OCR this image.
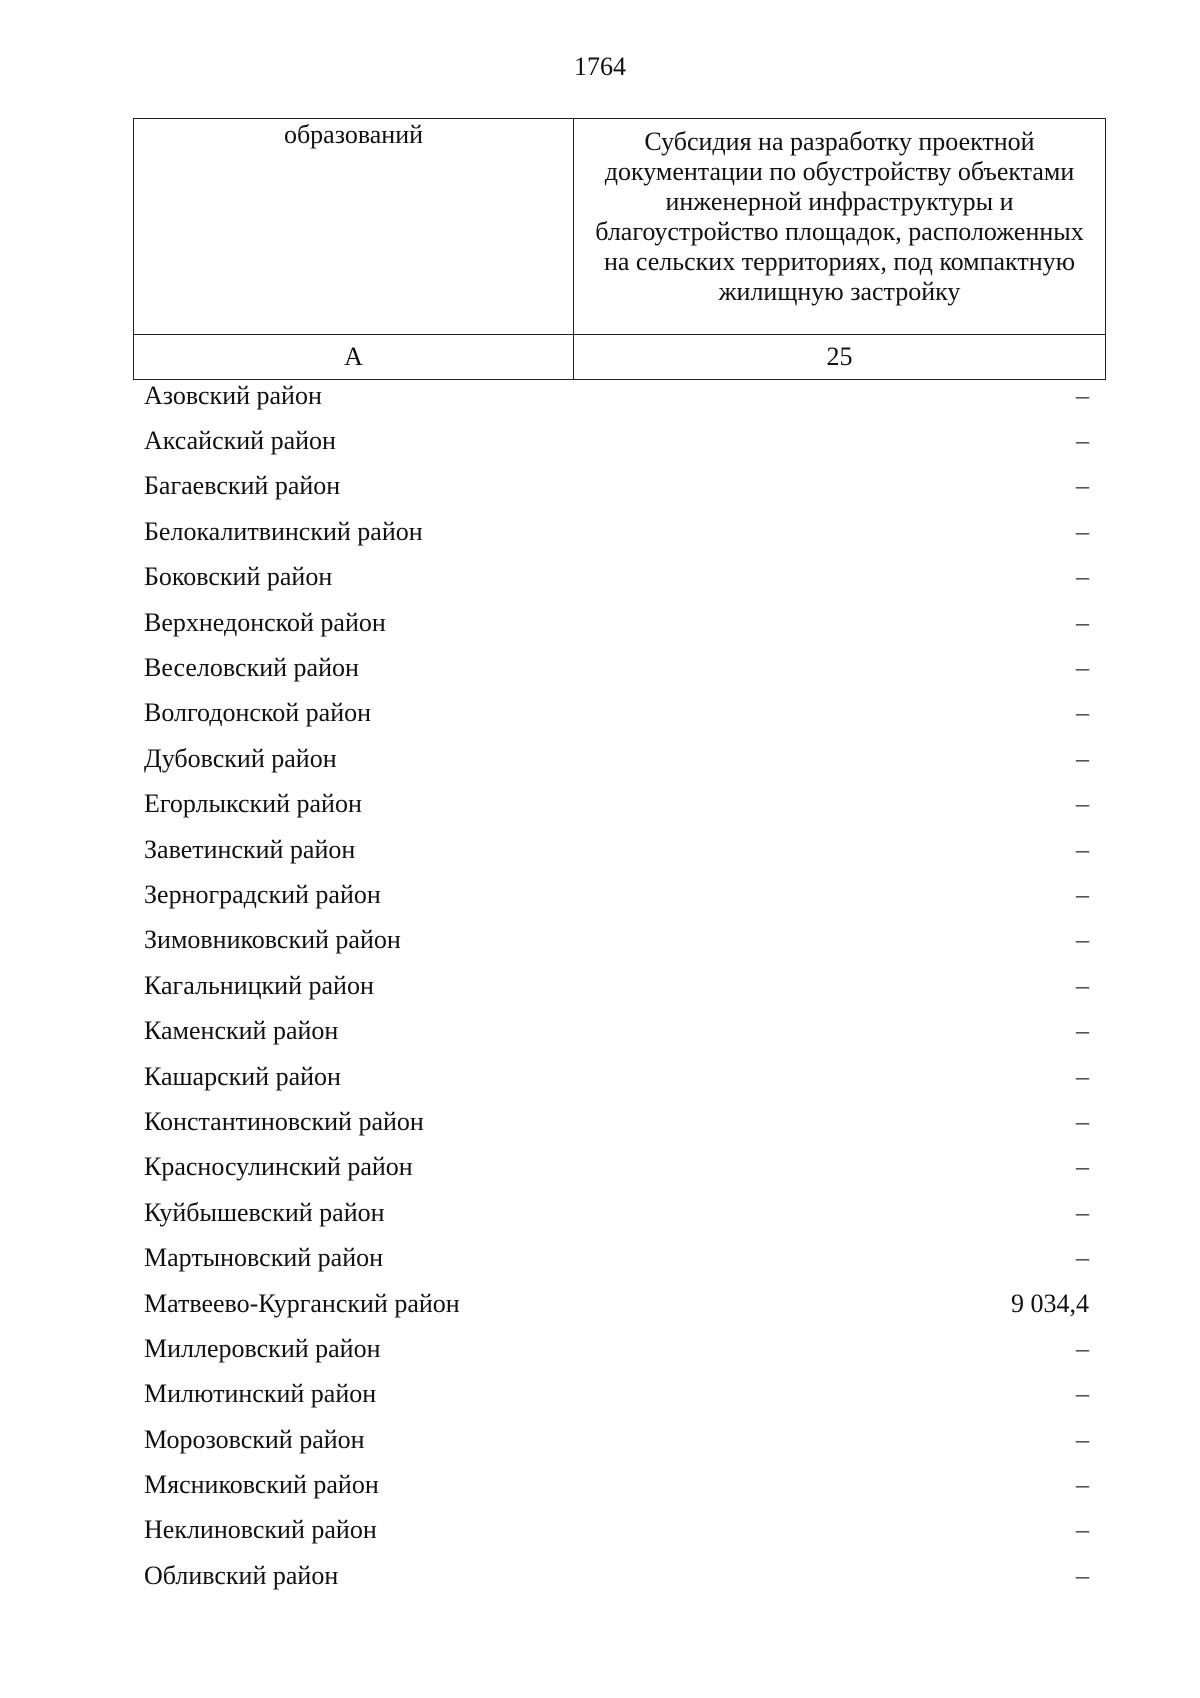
1764
образований	Субсидия на разработку проектной документации по обустройству объектами инженерной инфраструктуры и благоустройство площадок, расположенных на сельских территориях, под компактную жилищную застройку
А	25
Азовский район	–
Аксайский район	–
Багаевский район	–
Белокалитвинский район	–
Боковский район	–
Верхнедонской район	–
Веселовский район	–
Волгодонской район	–
Дубовский район	–
Егорлыкский район	–
Заветинский район	–
Зерноградский район	–
Зимовниковский район	–
Кагальницкий район	–
Каменский район	–
Кашарский район	–
Константиновский район	–
Красносулинский район	–
Куйбышевский район	–
Мартыновский район	–
Матвеево-Курганский район	9 034,4
Миллеровский район	–
Милютинский район	–
Морозовский район	–
Мясниковский район	–
Неклиновский район	–
Обливский район	–
